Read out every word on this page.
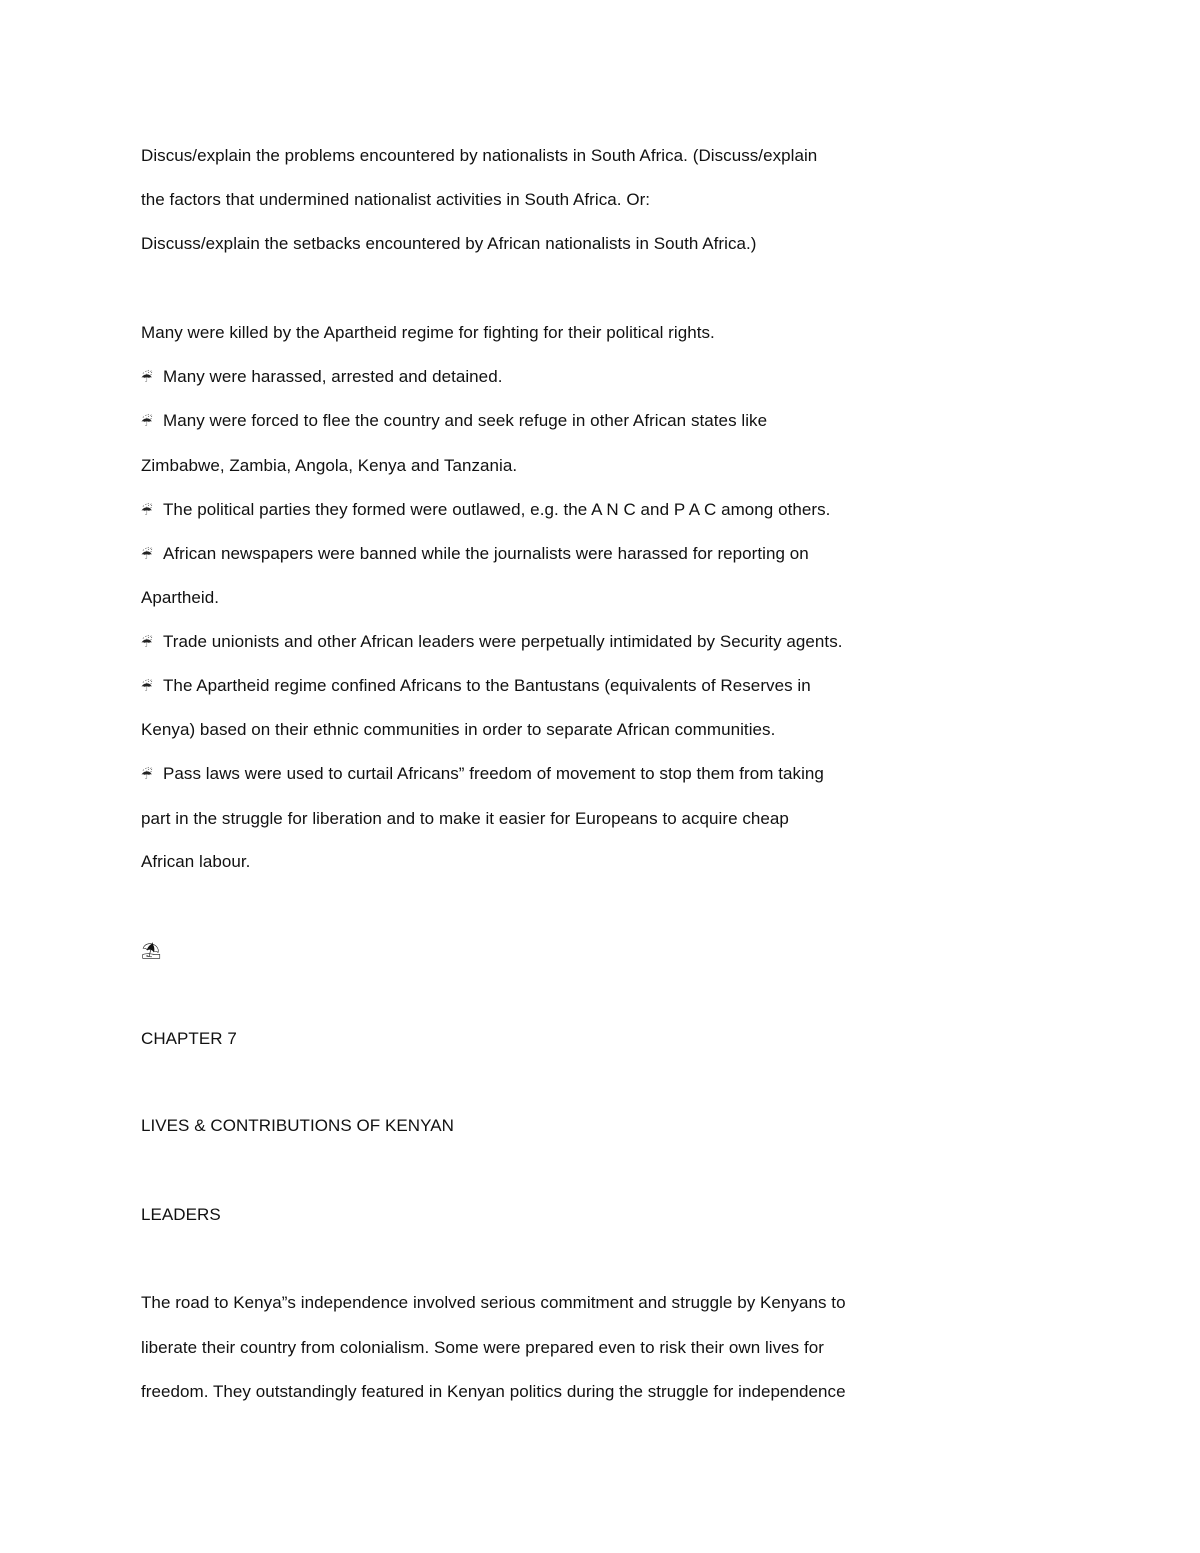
Discus/explain the problems encountered by nationalists in South Africa. (Discuss/explain
the factors that undermined nationalist activities in South Africa. Or:
Discuss/explain the setbacks encountered by African nationalists in South Africa.)
Many were killed by the Apartheid regime for fighting for their political rights.
☔ Many were harassed, arrested and detained.
☔ Many were forced to flee the country and seek refuge in other African states like
Zimbabwe, Zambia, Angola, Kenya and Tanzania.
☔ The political parties they formed were outlawed, e.g. the A N C and P A C among others.
☔ African newspapers were banned while the journalists were harassed for reporting on
Apartheid.
☔ Trade unionists and other African leaders were perpetually intimidated by Security agents.
☔ The Apartheid regime confined Africans to the Bantustans (equivalents of Reserves in
Kenya) based on their ethnic communities in order to separate African communities.
☔ Pass laws were used to curtail Africans” freedom of movement to stop them from taking
part in the struggle for liberation and to make it easier for Europeans to acquire cheap
African labour.
⛱
CHAPTER 7
LIVES & CONTRIBUTIONS OF KENYAN
LEADERS
The road to Kenya”s independence involved serious commitment and struggle by Kenyans to
liberate their country from colonialism. Some were prepared even to risk their own lives for
freedom. They outstandingly featured in Kenyan politics during the struggle for independence
